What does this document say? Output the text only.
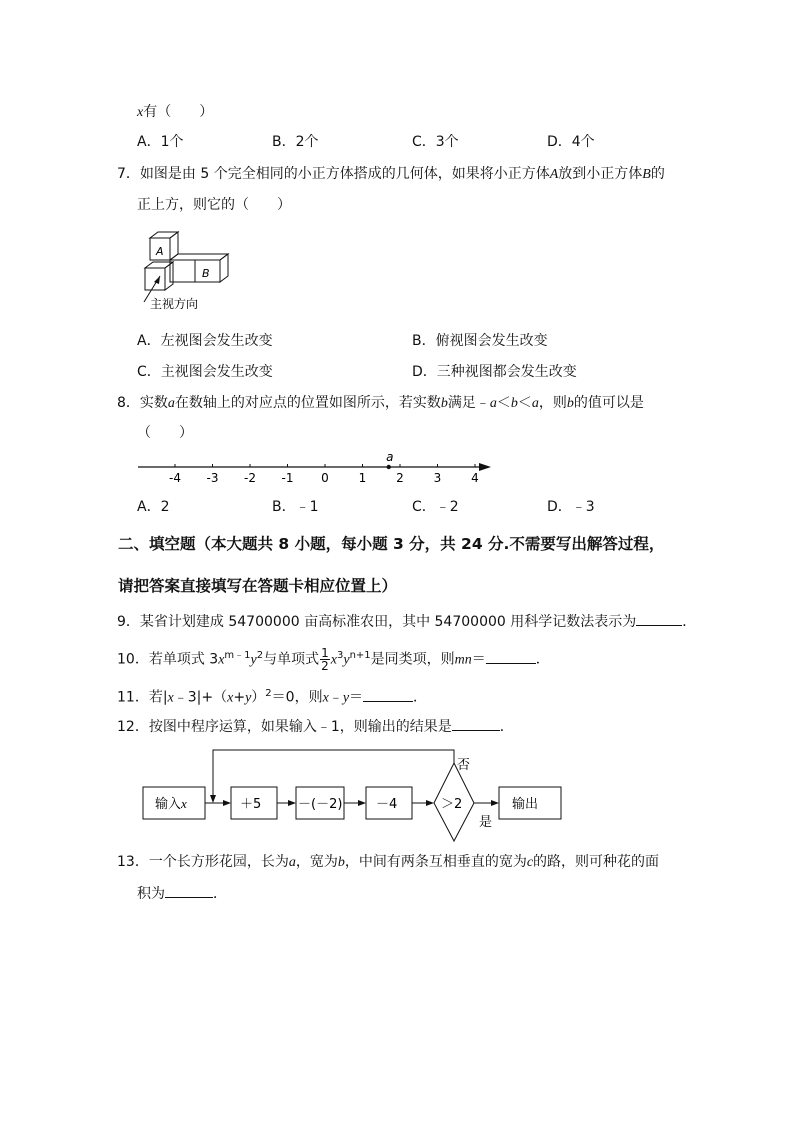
x有（　　）
A．1个	B．2个	C．3个	D．4个
7．如图是由 5 个完全相同的小正方体搭成的几何体，如果将小正方体A放到小正方体B的
正上方，则它的（　　）
A
B
主视方向
A．左视图会发生改变	B．俯视图会发生改变
C．主视图会发生改变	D．三种视图都会发生改变
8．实数a在数轴上的对应点的位置如图所示，若实数b满足﹣a＜b＜a，则b的值可以是
（　　）
-4 -3 -2 -1 0 1 2 3 4
a
A．2	B．﹣1	C．﹣2	D．﹣3
二、填空题（本大题共 8 小题，每小题 3 分，共 24 分.不需要写出解答过程，
请把答案直接填写在答题卡相应位置上）
9．某省计划建成 54700000 亩高标准农田，其中 54700000 用科学记数法表示为	．
10．若单项式 $3x^{m﹣1}y^2$与单项式 $\frac{1}{2} x^3y^{n+1}$是同类项，则mn＝	．
11．若$|x﹣3|+(x+y)^2=0$，则x﹣y＝	．
12．按图中程序运算，如果输入﹣1，则输出的结果是	．
输入x	＋5	－(－2)	－4	＞2
否
是
输出
13．一个长方形花园，长为a，宽为b，中间有两条互相垂直的宽为c的路，则可种花的面
积为	．
